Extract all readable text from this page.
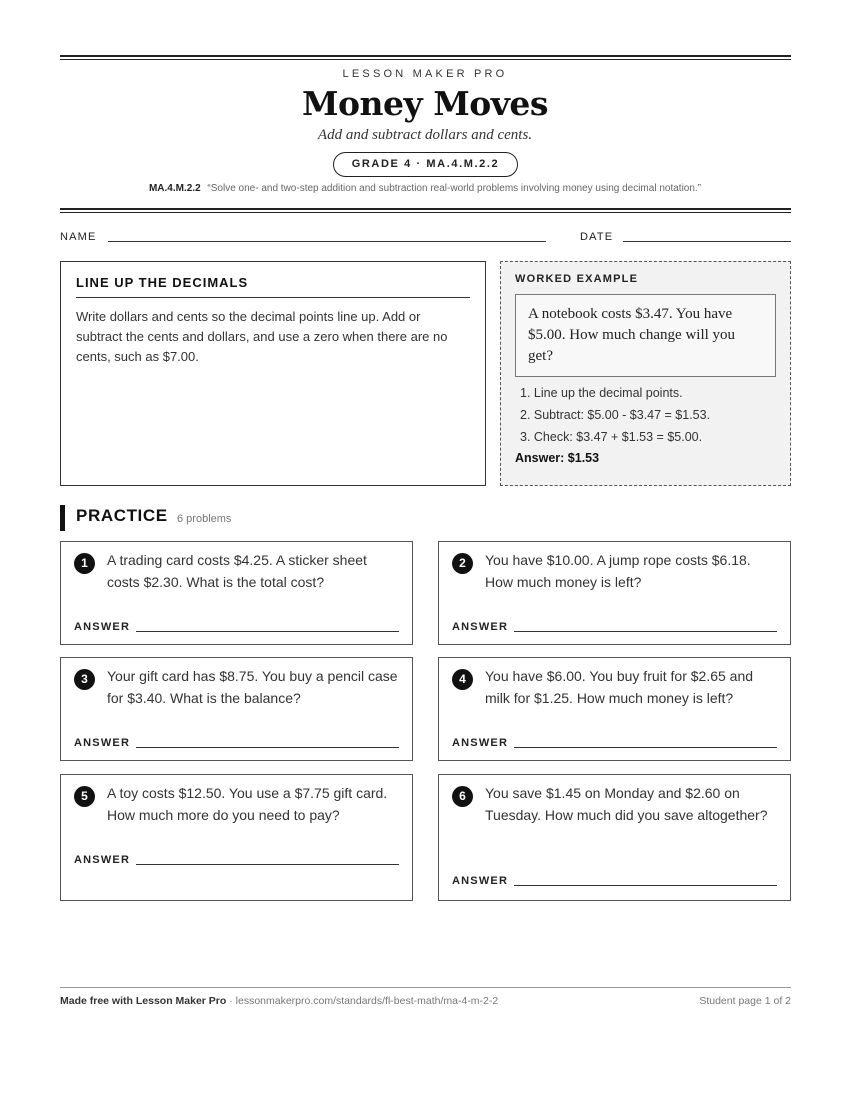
LESSON MAKER PRO
Money Moves
Add and subtract dollars and cents.
GRADE 4 · MA.4.M.2.2
MA.4.M.2.2 “Solve one- and two-step addition and subtraction real-world problems involving money using decimal notation.”
NAME	DATE
LINE UP THE DECIMALS

Write dollars and cents so the decimal points line up. Add or subtract the cents and dollars, and use a zero when there are no cents, such as $7.00.

WORKED EXAMPLE
A notebook costs $3.47. You have $5.00. How much change will you get?
1. Line up the decimal points.
2. Subtract: $5.00 - $3.47 = $1.53.
3. Check: $3.47 + $1.53 = $5.00.
Answer: $1.53
PRACTICE 6 problems
1	A trading card costs $4.25. A sticker sheet costs $2.30. What is the total cost?
ANSWER
2	You have $10.00. A jump rope costs $6.18. How much money is left?
ANSWER
3	Your gift card has $8.75. You buy a pencil case for $3.40. What is the balance?
ANSWER
4	You have $6.00. You buy fruit for $2.65 and milk for $1.25. How much money is left?
ANSWER
5	A toy costs $12.50. You use a $7.75 gift card. How much more do you need to pay?
ANSWER
6	You save $1.45 on Monday and $2.60 on Tuesday. How much did you save altogether?
ANSWER
Made free with Lesson Maker Pro · lessonmakerpro.com/standards/fl-best-math/ma-4-m-2-2	Student page 1 of 2
